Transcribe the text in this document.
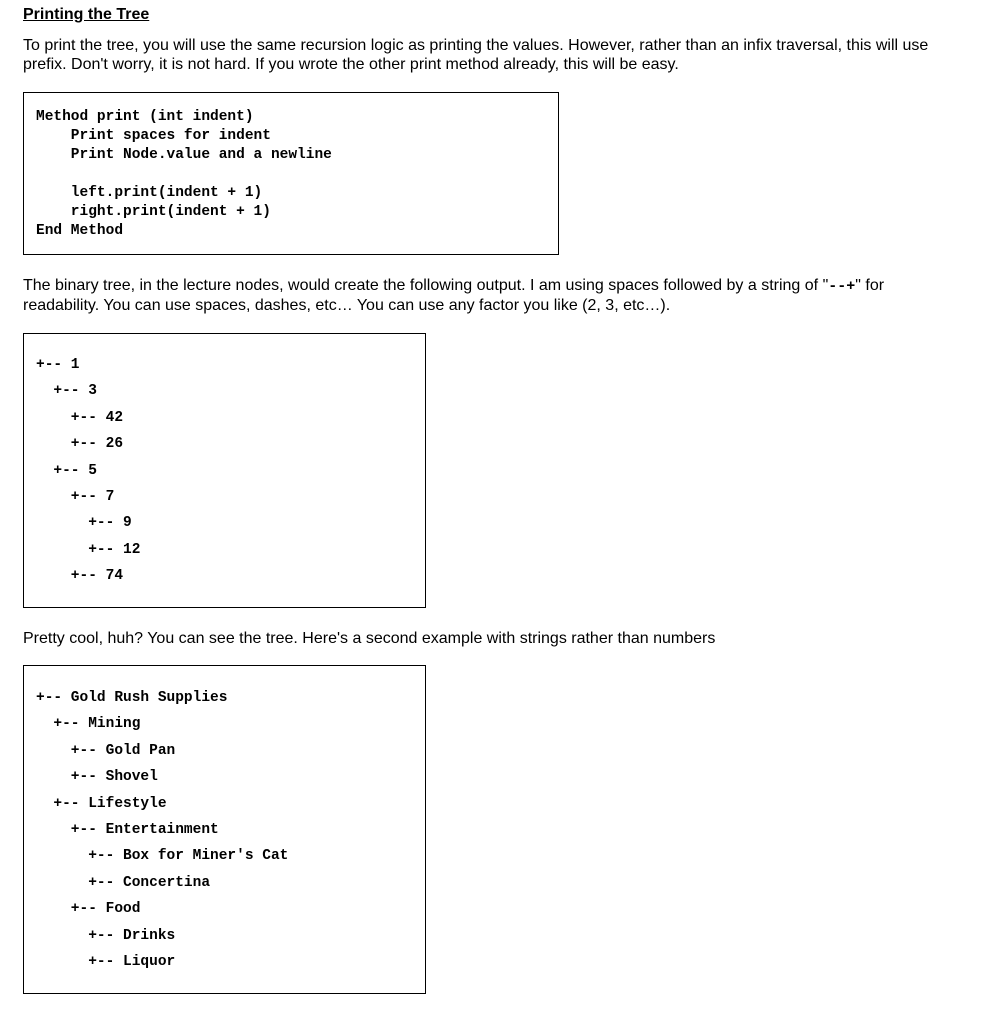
Printing the Tree

To print the tree, you will use the same recursion logic as printing the values. However, rather than an infix traversal, this will use prefix. Don't worry, it is not hard. If you wrote the other print method already, this will be easy.

Method print (int indent)
Print spaces for indent
Print Node.value and a newline
left.print(indent + 1)
right.print(indent + 1)
End Method

The binary tree, in the lecture nodes, would create the following output. I am using spaces followed by a string of "--+" for readability. You can use spaces, dashes, etc… You can use any factor you like (2, 3, etc…).

+-- 1
+-- 3
+-- 42
+-- 26
+-- 5
+-- 7
+-- 9
+-- 12
+-- 74

Pretty cool, huh? You can see the tree. Here's a second example with strings rather than numbers

+-- Gold Rush Supplies
+-- Mining
+-- Gold Pan
+-- Shovel
+-- Lifestyle
+-- Entertainment
+-- Box for Miner's Cat
+-- Concertina
+-- Food
+-- Drinks
+-- Liquor
